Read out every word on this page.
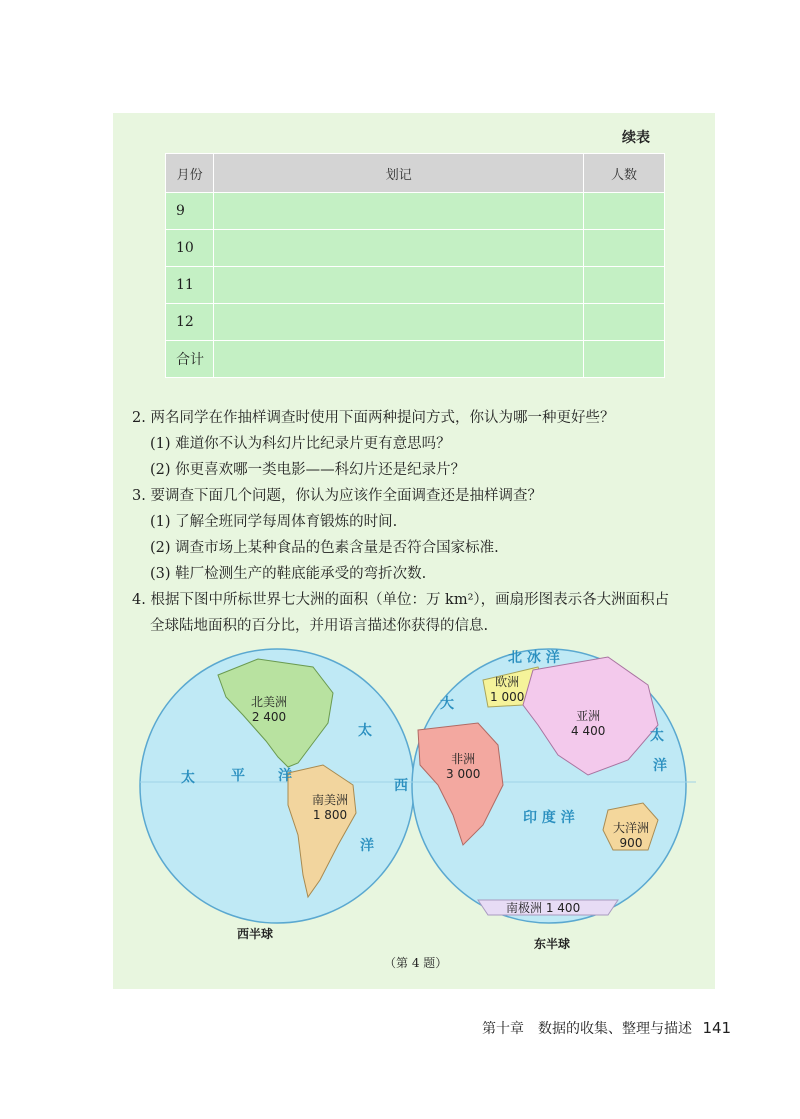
续表
月份	划记	人数
9		
10		
11		
12		
合计		
2. 两名同学在作抽样调查时使用下面两种提问方式，你认为哪一种更好些？
(1) 难道你不认为科幻片比纪录片更有意思吗？
(2) 你更喜欢哪一类电影——科幻片还是纪录片？
3. 要调查下面几个问题，你认为应该作全面调查还是抽样调查？
(1) 了解全班同学每周体育锻炼的时间.
(2) 调查市场上某种食品的色素含量是否符合国家标准.
(3) 鞋厂检测生产的鞋底能承受的弯折次数.
4. 根据下图中所标世界七大洲的面积（单位：万 km²），画扇形图表示各大洲面积占
全球陆地面积的百分比，并用语言描述你获得的信息.
北美洲
2 400
南美洲
1 800
欧洲
1 000
亚洲
4 400
非洲
3 000
大洋洲
900
南极洲 1 400
太	平 洋
太
西
洋
印 度 洋
北 冰 洋
大
太
洋
西半球
东半球
（第 4 题）
第十章　数据的收集、整理与描述 141
